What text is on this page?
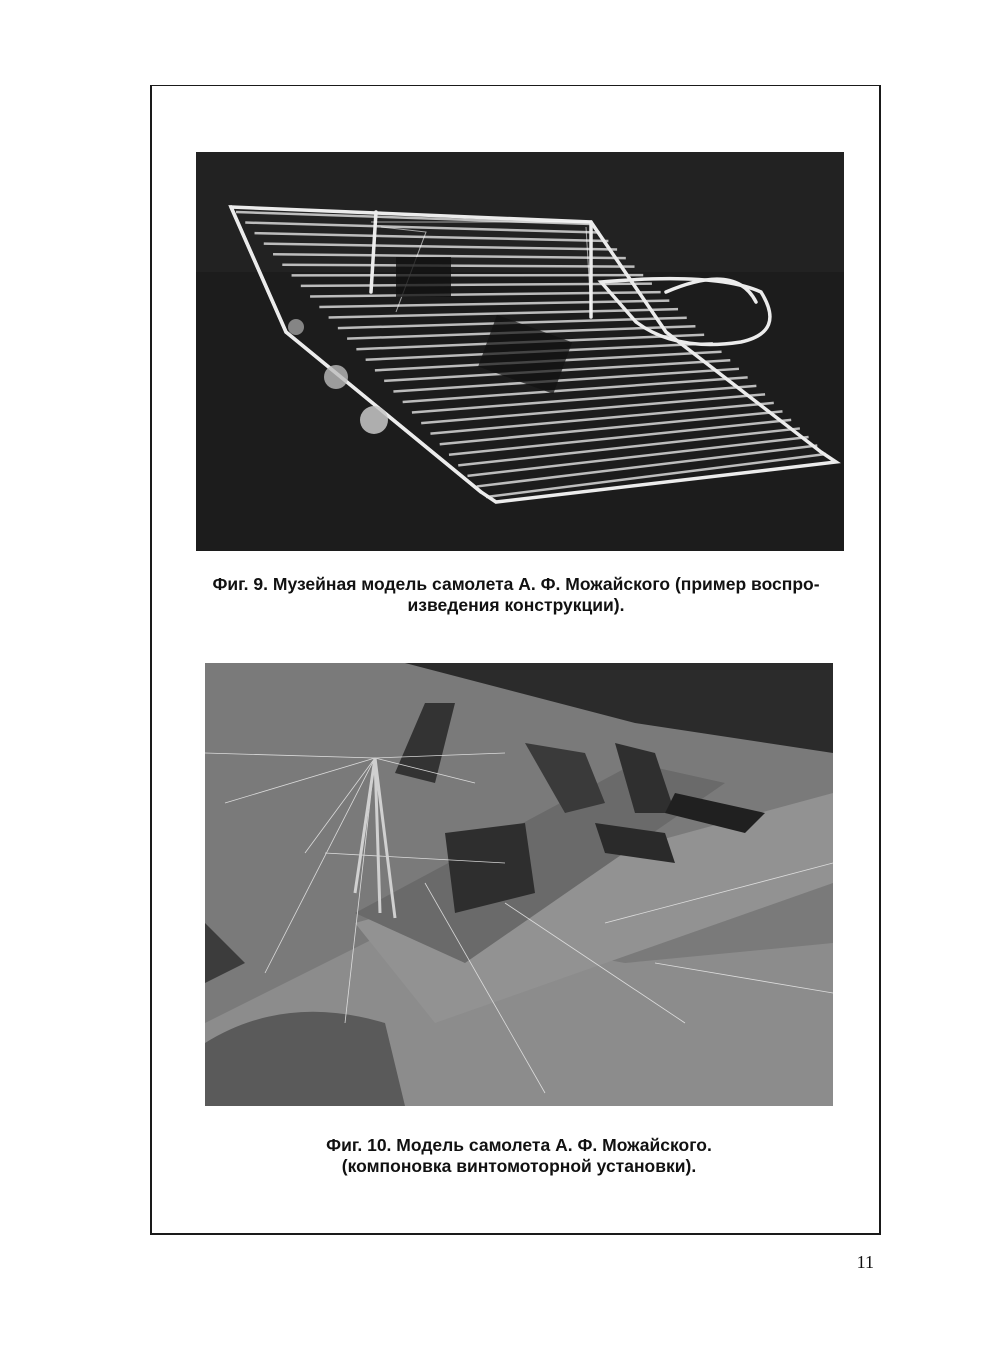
Фиг. 9. Музейная модель самолета А. Ф. Можайского (пример воспро-
изведения конструкции).
Фиг. 10. Модель самолета А. Ф. Можайского.
(компоновка винтомоторной установки).
11
